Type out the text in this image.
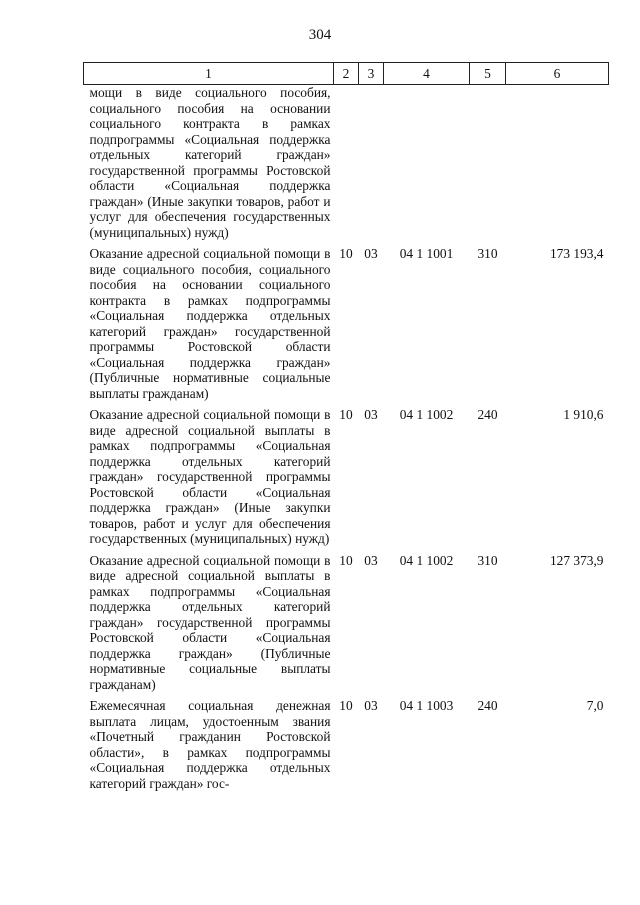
304
1	2	3	4	5	6
мощи в виде социального пособия, социального пособия на основании социального контракта в рамках подпрограммы «Социальная поддержка отдельных категорий граждан» государственной программы Ростовской области «Социальная поддержка граждан» (Иные закупки товаров, работ и услуг для обеспечения государственных (муниципальных) нужд)					
Оказание адресной социальной помощи в виде социального пособия, социального пособия на основании социального контракта в рамках подпрограммы «Социальная поддержка отдельных категорий граждан» государственной программы Ростовской области «Социальная поддержка граждан» (Публичные нормативные социальные выплаты гражданам)	10	03	04 1 1001	310	173 193,4
Оказание адресной социальной помощи в виде адресной социальной выплаты в рамках подпрограммы «Социальная поддержка отдельных категорий граждан» государственной программы Ростовской области «Социальная поддержка граждан» (Иные закупки товаров, работ и услуг для обеспечения государственных (муниципальных) нужд)	10	03	04 1 1002	240	1 910,6
Оказание адресной социальной помощи в виде адресной социальной выплаты в рамках подпрограммы «Социальная поддержка отдельных категорий граждан» государственной программы Ростовской области «Социальная поддержка граждан» (Публичные нормативные социальные выплаты гражданам)	10	03	04 1 1002	310	127 373,9
Ежемесячная социальная денежная выплата лицам, удостоенным звания «Почетный гражданин Ростовской области», в рамках подпрограммы «Социальная поддержка отдельных категорий граждан» гос-	10	03	04 1 1003	240	7,0
